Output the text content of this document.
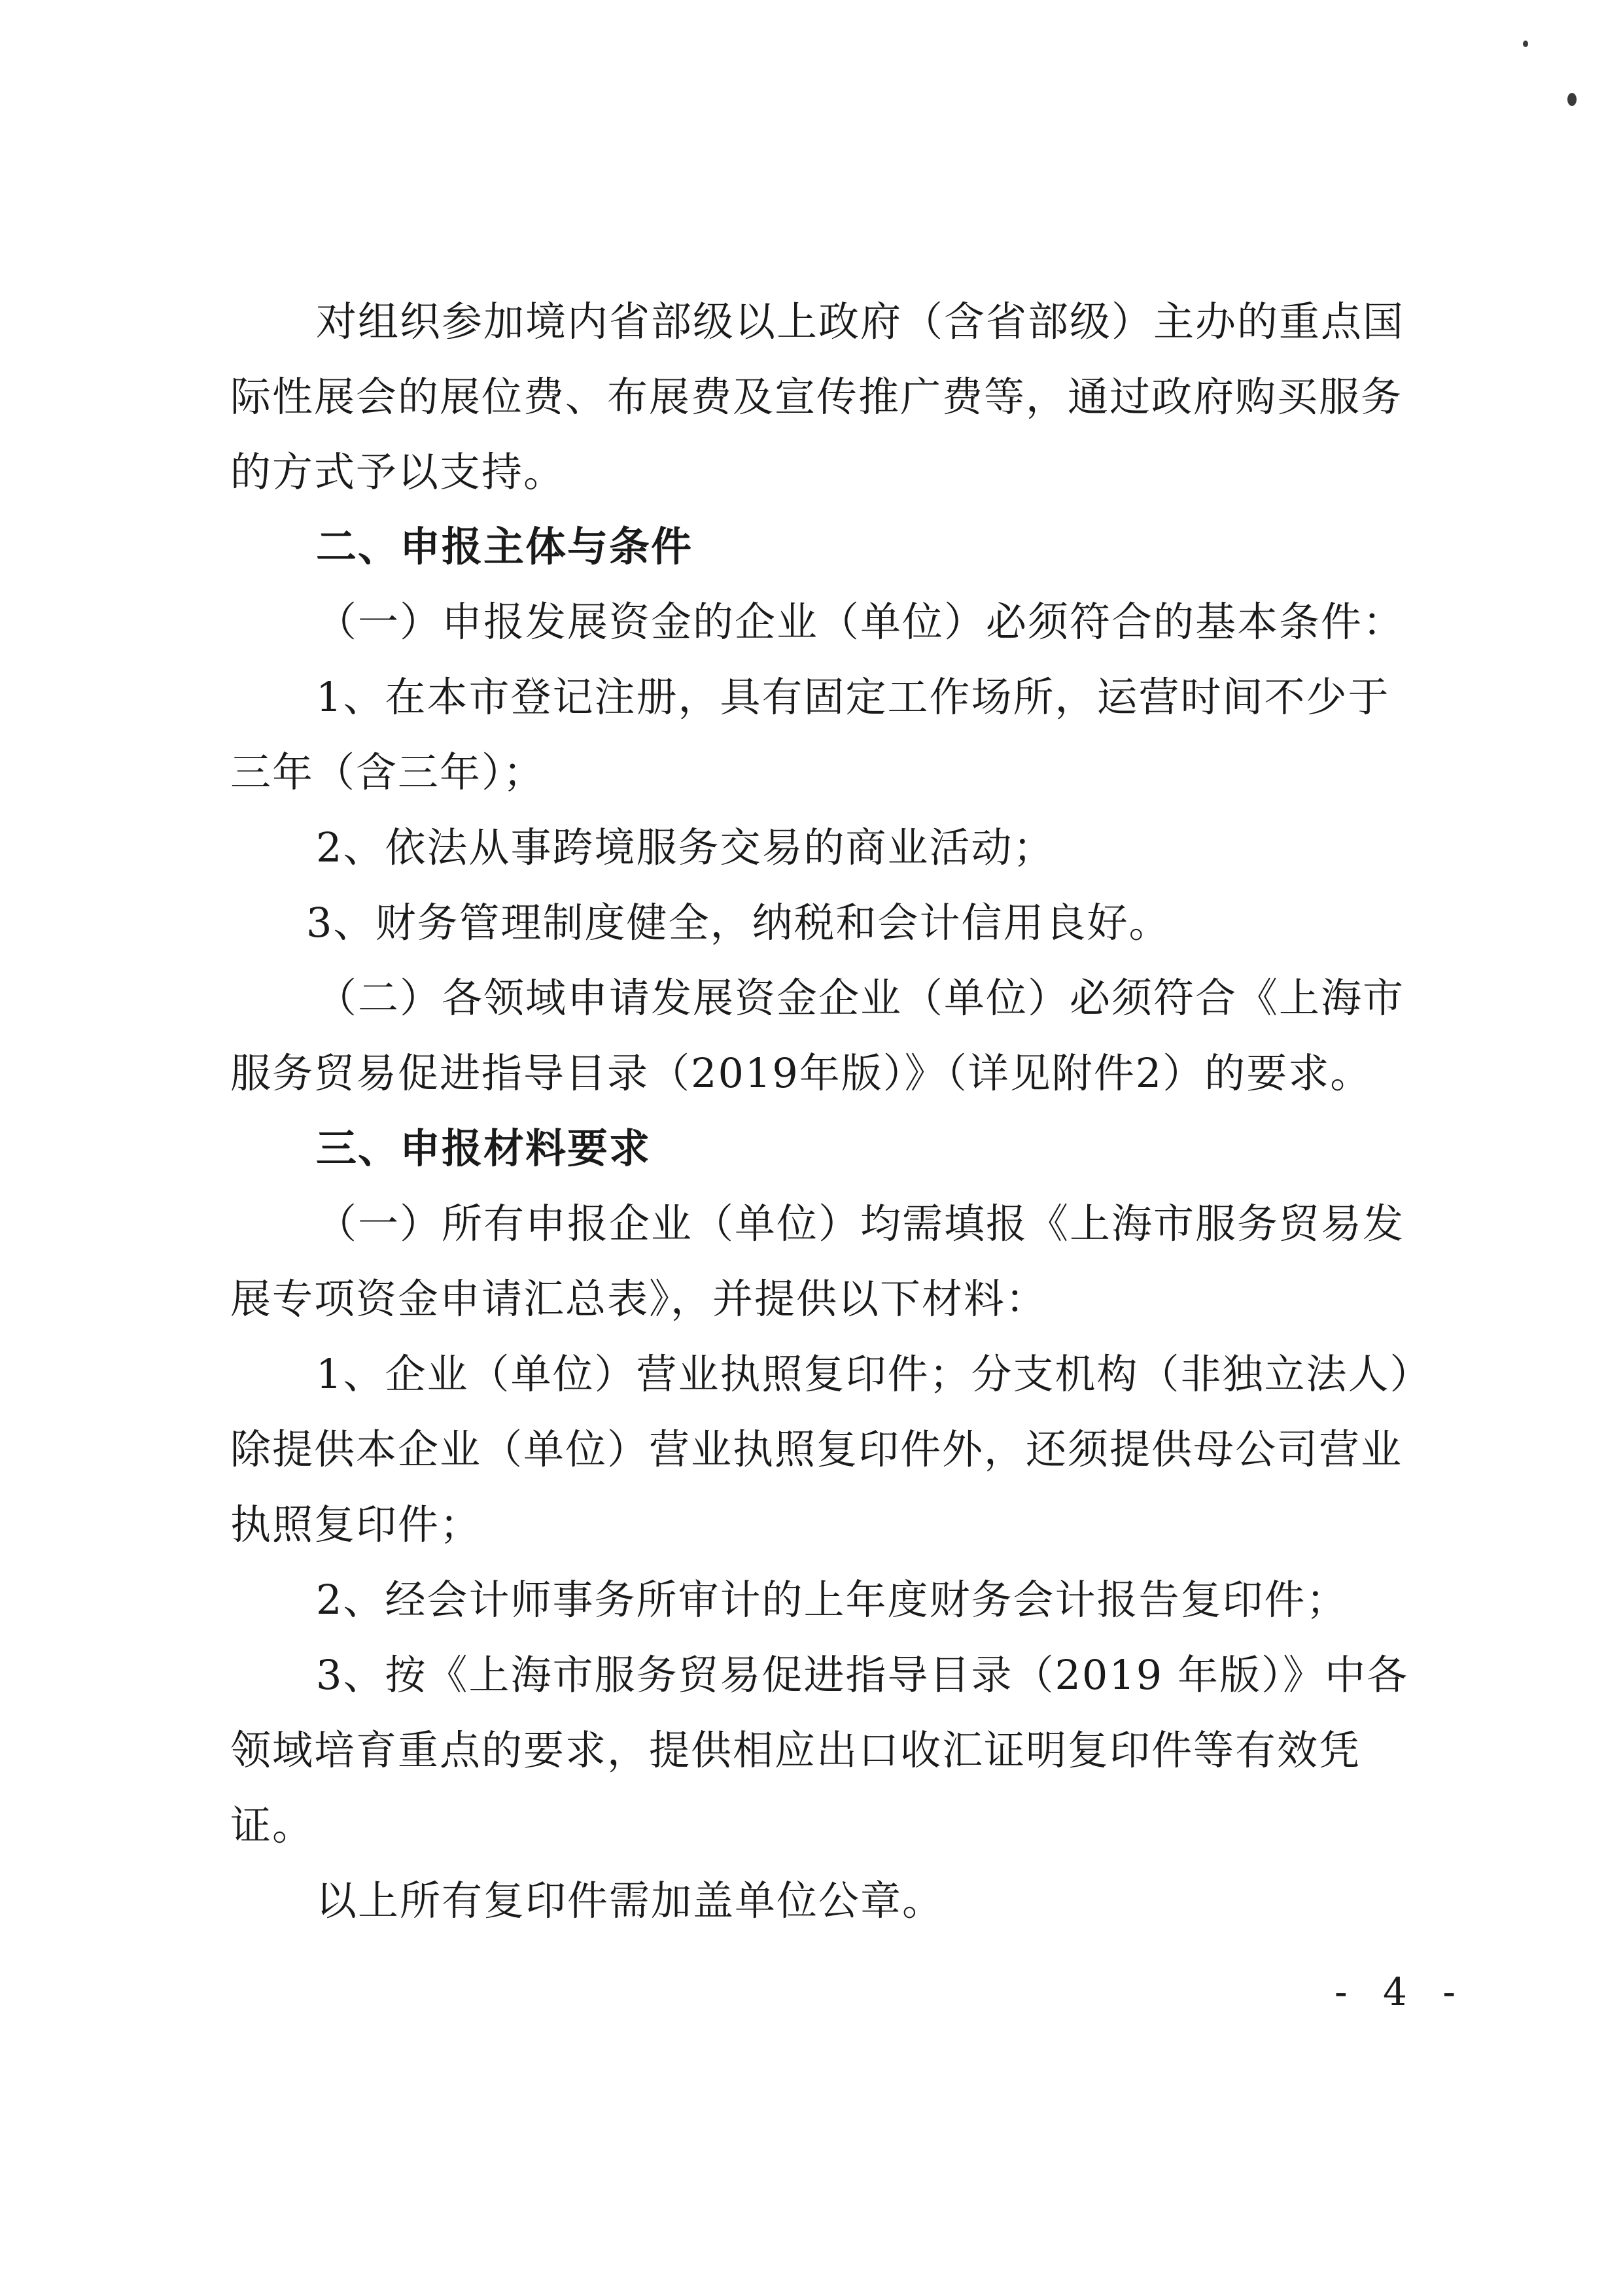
对组织参加境内省部级以上政府（含省部级）主办的重点国
际性展会的展位费、布展费及宣传推广费等，通过政府购买服务
的方式予以支持。
二、申报主体与条件
（一）申报发展资金的企业（单位）必须符合的基本条件：
1、在本市登记注册，具有固定工作场所，运营时间不少于
三年（含三年）；
2、依法从事跨境服务交易的商业活动；
3、财务管理制度健全，纳税和会计信用良好。
（二）各领域申请发展资金企业（单位）必须符合《上海市
服务贸易促进指导目录（2019年版）》（详见附件2）的要求。
三、申报材料要求
（一）所有申报企业（单位）均需填报《上海市服务贸易发
展专项资金申请汇总表》，并提供以下材料：
1、企业（单位）营业执照复印件；分支机构（非独立法人）
除提供本企业（单位）营业执照复印件外，还须提供母公司营业
执照复印件；
2、经会计师事务所审计的上年度财务会计报告复印件；
3、按《上海市服务贸易促进指导目录（2019 年版）》中各
领域培育重点的要求，提供相应出口收汇证明复印件等有效凭
证。
以上所有复印件需加盖单位公章。
- 4 -
